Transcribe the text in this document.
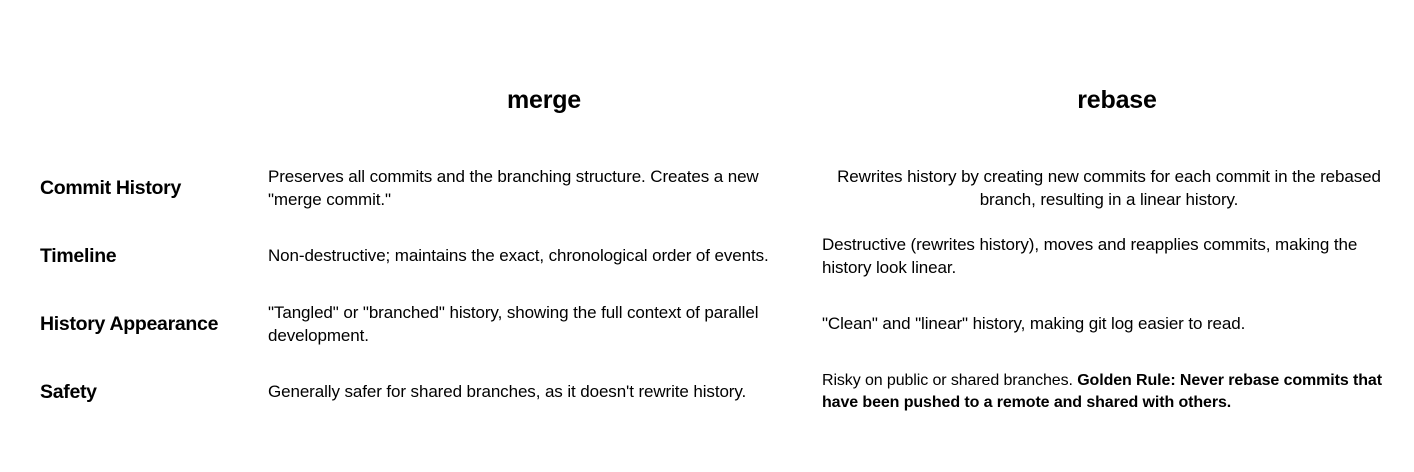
	merge	rebase
Commit History	Preserves all commits and the branching structure. Creates a new "merge commit."	Rewrites history by creating new commits for each commit in the rebased branch, resulting in a linear history.

Timeline	Non-destructive; maintains the exact, chronological order of events.	Destructive (rewrites history), moves and reapplies commits, making the history look linear.

History Appearance	"Tangled" or "branched" history, showing the full context of parallel development.	"Clean" and "linear" history, making git log easier to read.

Safety	Generally safer for shared branches, as it doesn't rewrite history.	Risky on public or shared branches. Golden Rule: Never rebase commits that have been pushed to a remote and shared with others.
